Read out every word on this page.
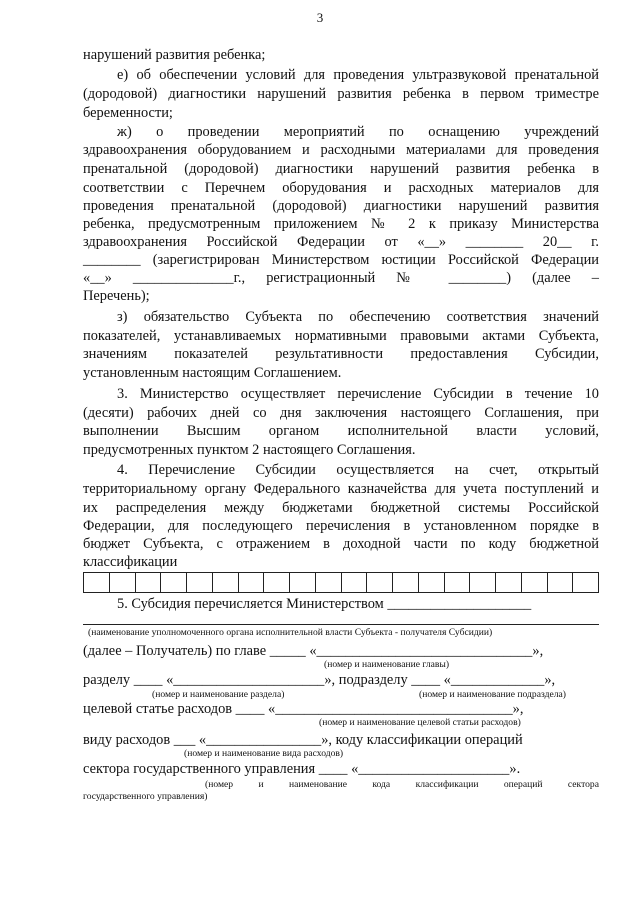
3
нарушений развития ребенка;
е) об обеспечении условий для проведения ультразвуковой пренатальной
(дородовой) диагностики нарушений развития ребенка в первом триместре
беременности;
ж) о проведении мероприятий по оснащению учреждений
здравоохранения оборудованием и расходными материалами для проведения
пренатальной (дородовой) диагностики нарушений развития ребенка в
соответствии с Перечнем оборудования и расходных материалов для
проведения пренатальной (дородовой) диагностики нарушений развития
ребенка, предусмотренным приложением № 2 к приказу Министерства
здравоохранения Российской Федерации от «__» ________ 20__ г.
________ (зарегистрирован Министерством юстиции Российской Федерации
«__» ______________г., регистрационный № ________) (далее –
Перечень);
з) обязательство Субъекта по обеспечению соответствия значений
показателей, устанавливаемых нормативными правовыми актами Субъекта,
значениям показателей результативности предоставления Субсидии,
установленным настоящим Соглашением.
3. Министерство осуществляет перечисление Субсидии в течение 10
(десяти) рабочих дней со дня заключения настоящего Соглашения, при
выполнении Высшим органом исполнительной власти условий,
предусмотренных пунктом 2 настоящего Соглашения.
4. Перечисление Субсидии осуществляется на счет, открытый
территориальному органу Федерального казначейства для учета поступлений и
их распределения между бюджетами бюджетной системы Российской
Федерации, для последующего перечисления в установленном порядке в
бюджет Субъекта, с отражением в доходной части по коду бюджетной
классификации
5. Субсидия перечисляется Министерством ____________________
(наименование уполномоченного органа исполнительной власти Субъекта - получателя Субсидии)
(далее – Получатель) по главе _____ «______________________________»,
(номер и наименование главы)
разделу ____ «_____________________», подразделу ____ «_____________»,
(номер и наименование раздела)	(номер и наименование подраздела)
целевой статье расходов ____ «_________________________________»,
(номер и наименование целевой статьи расходов)
виду расходов ___ «________________», коду классификации операций
(номер и наименование вида расходов)
сектора государственного управления ____ «_____________________».
(номер и наименование кода классификации операций сектора
государственного управления)
